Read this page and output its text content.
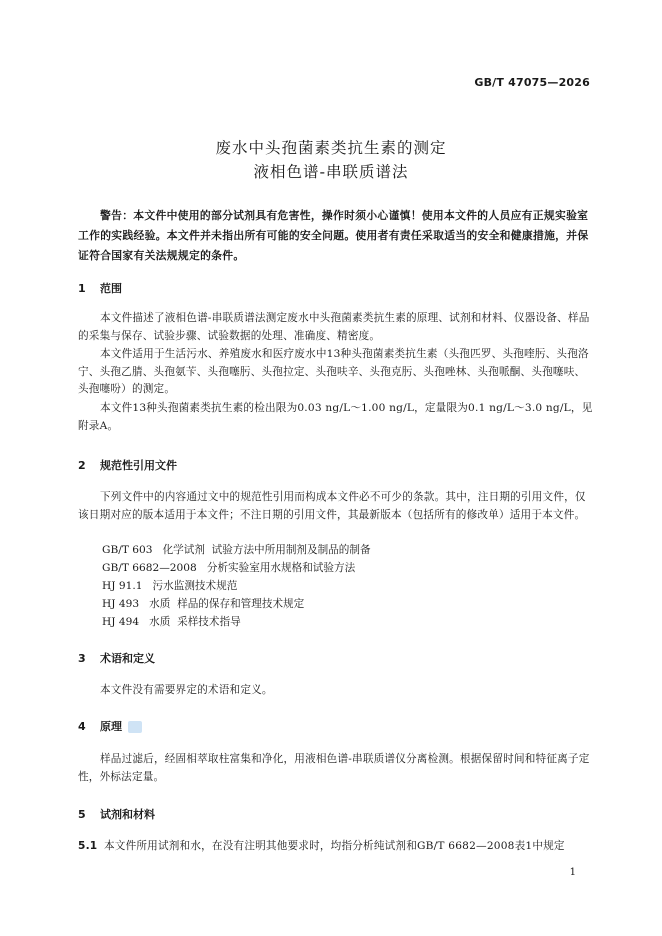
GB/T 47075—2026
废水中头孢菌素类抗生素的测定
液相色谱-串联质谱法
警告：本文件中使用的部分试剂具有危害性，操作时须小心谨慎！使用本文件的人员应有正规实验室工作的实践经验。本文件并未指出所有可能的安全问题。使用者有责任采取适当的安全和健康措施，并保证符合国家有关法规规定的条件。
1 范围
本文件描述了液相色谱-串联质谱法测定废水中头孢菌素类抗生素的原理、试剂和材料、仪器设备、样品的采集与保存、试验步骤、试验数据的处理、准确度、精密度。
本文件适用于生活污水、养殖废水和医疗废水中13种头孢菌素类抗生素（头孢匹罗、头孢喹肟、头孢洛宁、头孢乙腈、头孢氨苄、头孢噻肟、头孢拉定、头孢呋辛、头孢克肟、头孢唑林、头孢哌酮、头孢噻呋、头孢噻吩）的测定。
本文件13种头孢菌素类抗生素的检出限为0.03 ng/L～1.00 ng/L，定量限为0.1 ng/L～3.0 ng/L，见附录A。
2 规范性引用文件
下列文件中的内容通过文中的规范性引用而构成本文件必不可少的条款。其中，注日期的引用文件，仅该日期对应的版本适用于本文件；不注日期的引用文件，其最新版本（包括所有的修改单）适用于本文件。
GB/T 603   化学试剂  试验方法中所用制剂及制品的制备
GB/T 6682—2008   分析实验室用水规格和试验方法
HJ 91.1   污水监测技术规范
HJ 493   水质  样品的保存和管理技术规定
HJ 494   水质  采样技术指导
3 术语和定义
本文件没有需要界定的术语和定义。
4 原理
样品过滤后，经固相萃取柱富集和净化，用液相色谱-串联质谱仪分离检测。根据保留时间和特征离子定性，外标法定量。
5 试剂和材料
5.1 本文件所用试剂和水，在没有注明其他要求时，均指分析纯试剂和GB/T 6682—2008表1中规定
1
